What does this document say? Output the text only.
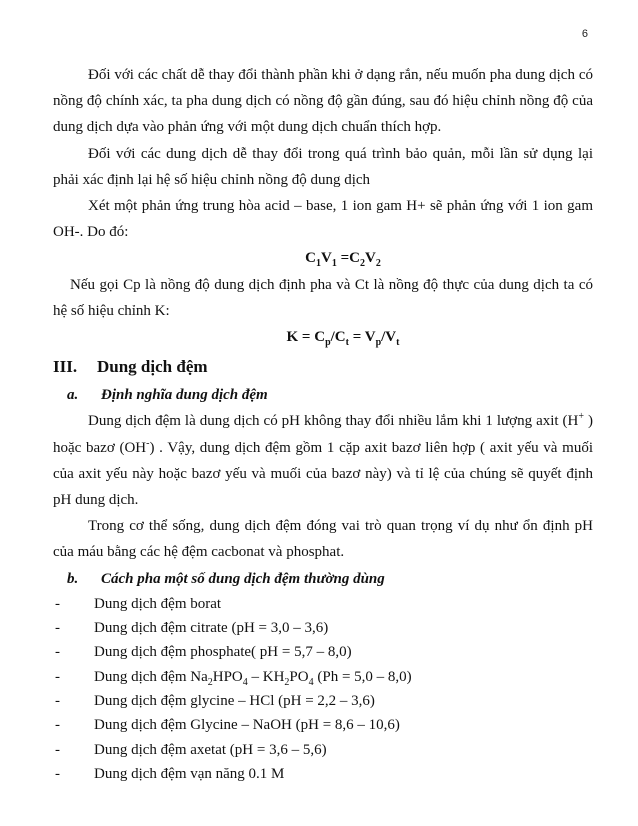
6

Đối với các chất dễ thay đổi thành phần khi ở dạng rắn, nếu muốn pha dung dịch có nồng độ chính xác, ta pha dung dịch có nồng độ gần đúng, sau đó hiệu chỉnh nồng độ của dung dịch dựa vào phản ứng với một dung dịch chuẩn thích hợp.

Đối với các dung dịch dễ thay đổi trong quá trình bảo quản, mỗi lần sử dụng lại phải xác định lại hệ số hiệu chỉnh nồng độ dung dịch

Xét một phản ứng trung hòa acid – base, 1 ion gam H+ sẽ phản ứng với 1 ion gam OH-. Do đó:

$C_1V_1 =C_2V_2$

Nếu gọi Cp là nồng độ dung dịch định pha và Ct là nồng độ thực của dung dịch ta có hệ số hiệu chỉnh K:

$K = C_p/C_t = V_p/V_t$

III.	Dung dịch đệm
a.	Định nghĩa dung dịch đệm

Dung dịch đệm là dung dịch có pH không thay đổi nhiều lắm khi 1 lượng axit (H+ ) hoặc bazơ (OH-) . Vậy, dung dịch đệm gồm 1 cặp axit bazơ liên hợp ( axit yếu và muối của axit yếu này hoặc bazơ yếu và muối của bazơ này) và tỉ lệ của chúng sẽ quyết định pH dung dịch.

Trong cơ thể sống, dung dịch đệm đóng vai trò quan trọng ví dụ như ổn định pH của máu bằng các hệ đệm cacbonat và phosphat.

b.	Cách pha một số dung dịch đệm thường dùng
-	Dung dịch đệm borat
-	Dung dịch đệm citrate (pH = 3,0 – 3,6)
-	Dung dịch đệm phosphate( pH = 5,7 – 8,0)
-	Dung dịch đệm $Na_2HPO_4 - KH_2PO_4$ (Ph = 5,0 – 8,0)
-	Dung dịch đệm glycine – HCl (pH = 2,2 – 3,6)
-	Dung dịch đệm Glycine – NaOH (pH = 8,6 – 10,6)
-	Dung dịch đệm axetat (pH = 3,6 – 5,6)
-	Dung dịch đệm vạn năng 0.1 M
